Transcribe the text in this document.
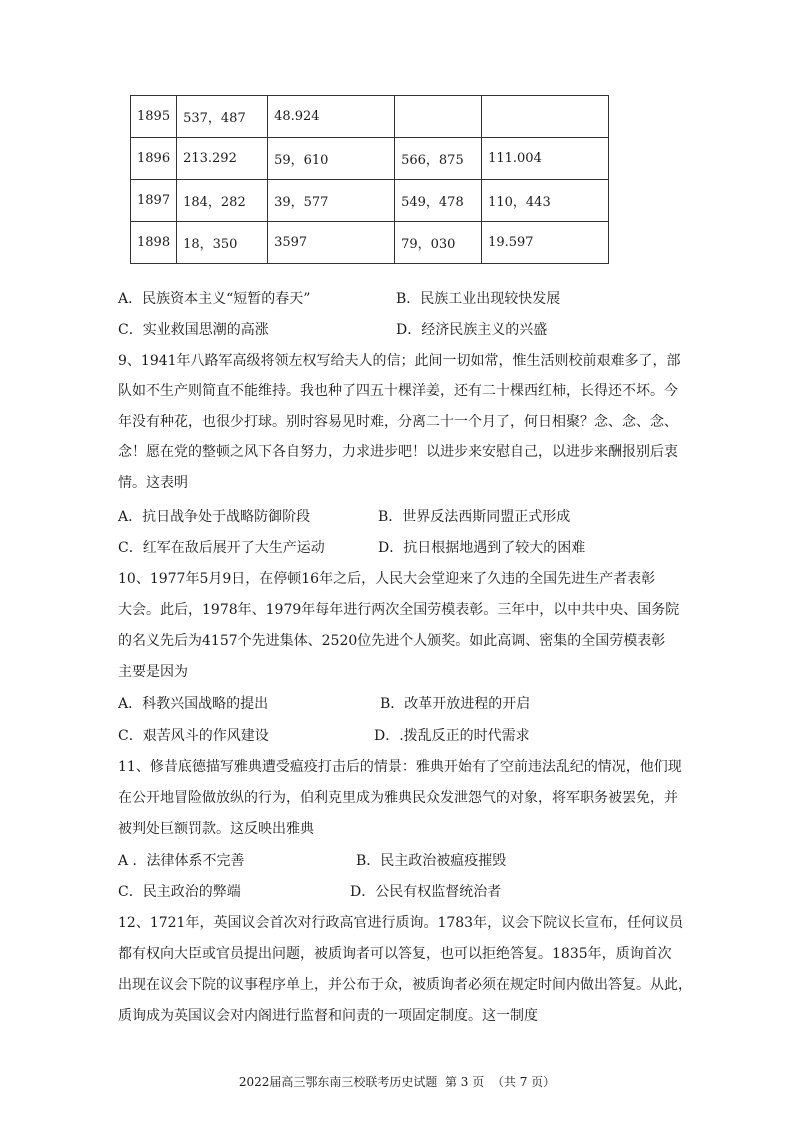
1895	537，487	48.924		
1896	213.292	59，610	566，875	111.004
1897	184，282	39，577	549，478	110，443
1898	18，350	3597	79，030	19.597
A．民族资本主义“短暂的春天”	B．民族工业出现较快发展
C．实业救国思潮的高涨	D．经济民族主义的兴盛
9、1941年八路军高级将领左权写给夫人的信；此间一切如常，惟生活则校前艰难多了，部
队如不生产则简直不能维持。我也种了四五十棵洋姜，还有二十棵西红柿，长得还不坏。今
年没有种花，也很少打球。别时容易见时难，分离二十一个月了，何日相聚？念、念、念、
念！愿在党的整顿之风下各自努力，力求进步吧！以进步来安慰自己，以进步来酬报别后衷
情。这表明
A．抗日战争处于战略防御阶段	B．世界反法西斯同盟正式形成
C．红军在敌后展开了大生产运动	D．抗日根据地遇到了较大的困难
10、1977年5月9日，在停顿16年之后，人民大会堂迎来了久违的全国先进生产者表彰
大会。此后，1978年、1979年每年进行两次全国劳模表彰。三年中，以中共中央、国务院
的名义先后为4157个先进集体、2520位先进个人颁奖。如此高调、密集的全国劳模表彰
主要是因为
A．科教兴国战略的提出	B．改革开放进程的开启
C．艰苦风斗的作风建设	D．.拨乱反正的时代需求
11、修昔底德描写雅典遭受瘟疫打击后的情景：雅典开始有了空前违法乱纪的情况，他们现
在公开地冒险做放纵的行为，伯利克里成为雅典民众发泄怨气的对象，将军职务被罢免，并
被判处巨额罚款。这反映出雅典
A ．法律体系不完善	B．民主政治被瘟疫摧毁
C．民主政治的弊端	D．公民有权监督统治者
12、1721年，英国议会首次对行政高官进行质询。1783年，议会下院议长宣布，任何议员
都有权向大臣或官员提出问题，被质询者可以答复，也可以拒绝答复。1835年，质询首次
出现在议会下院的议事程序单上，并公布于众，被质询者必须在规定时间内做出答复。从此，
质询成为英国议会对内阁进行监督和问责的一项固定制度。这一制度
2022届高三鄂东南三校联考历史试题  第 3 页  （共 7 页）
